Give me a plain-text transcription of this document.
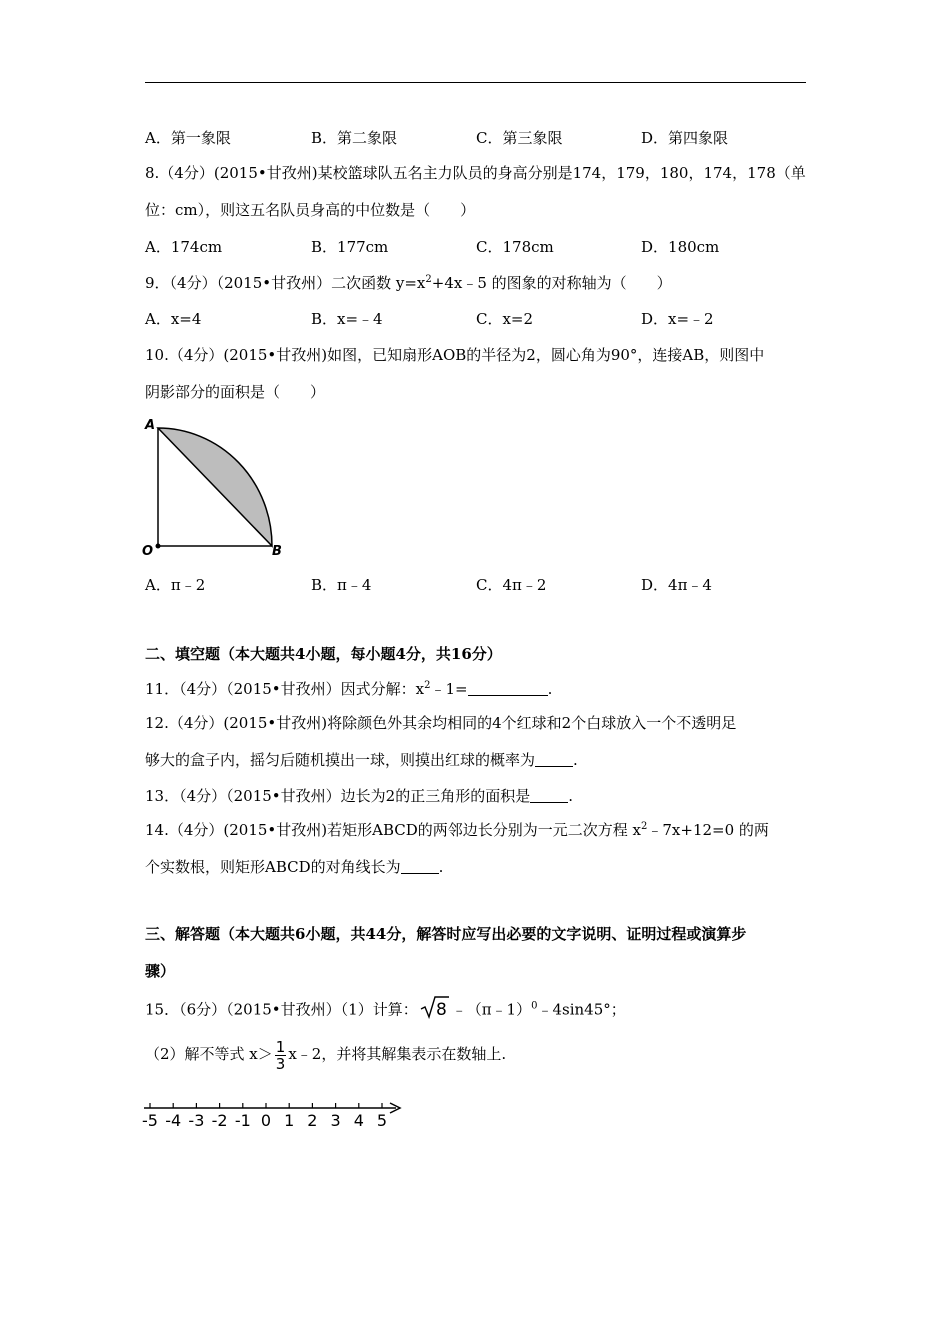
A．第一象限	B．第二象限	C．第三象限	D．第四象限
8.（4分）(2015•甘孜州)某校篮球队五名主力队员的身高分别是174，179，180，174，178（单
位：cm），则这五名队员身高的中位数是（　　）
A．174cm	B．177cm	C．178cm	D．180cm
9．（4分）（2015•甘孜州）二次函数 $y=x^2+4x﹣5$ 的图象的对称轴为（　　）
A．x=4	B．x=﹣4	C．x=2	D．x=﹣2
10.（4分）(2015•甘孜州)如图，已知扇形AOB的半径为2，圆心角为90°，连接AB，则图中
阴影部分的面积是（　　）
A
O	B
A．π﹣2	B．π﹣4	C．4π﹣2	D．4π﹣4
二、填空题（本大题共4小题，每小题4分，共16分）
11．（4分）（2015•甘孜州）因式分解：$x^2﹣1=$	.
12.（4分）(2015•甘孜州)将除颜色外其余均相同的4个红球和2个白球放入一个不透明足
够大的盒子内，摇匀后随机摸出一球，则摸出红球的概率为	.
13．（4分）（2015•甘孜州）边长为2的正三角形的面积是	.
14.（4分）(2015•甘孜州)若矩形ABCD的两邻边长分别为一元二次方程 $x^2﹣7x+12=0$ 的两
个实数根，则矩形ABCD的对角线长为	.
三、解答题（本大题共6小题，共44分，解答时应写出必要的文字说明、证明过程或演算步
骤）
15．（6分）（2015•甘孜州）（1）计算： 8 ﹣（π﹣1）$^0$﹣4sin45°；
（2）解不等式 $x> \frac{1}{3}$ x﹣2，并将其解集表示在数轴上.
-5 -4 -3 -2 -1 0 1 2 3 4 5
